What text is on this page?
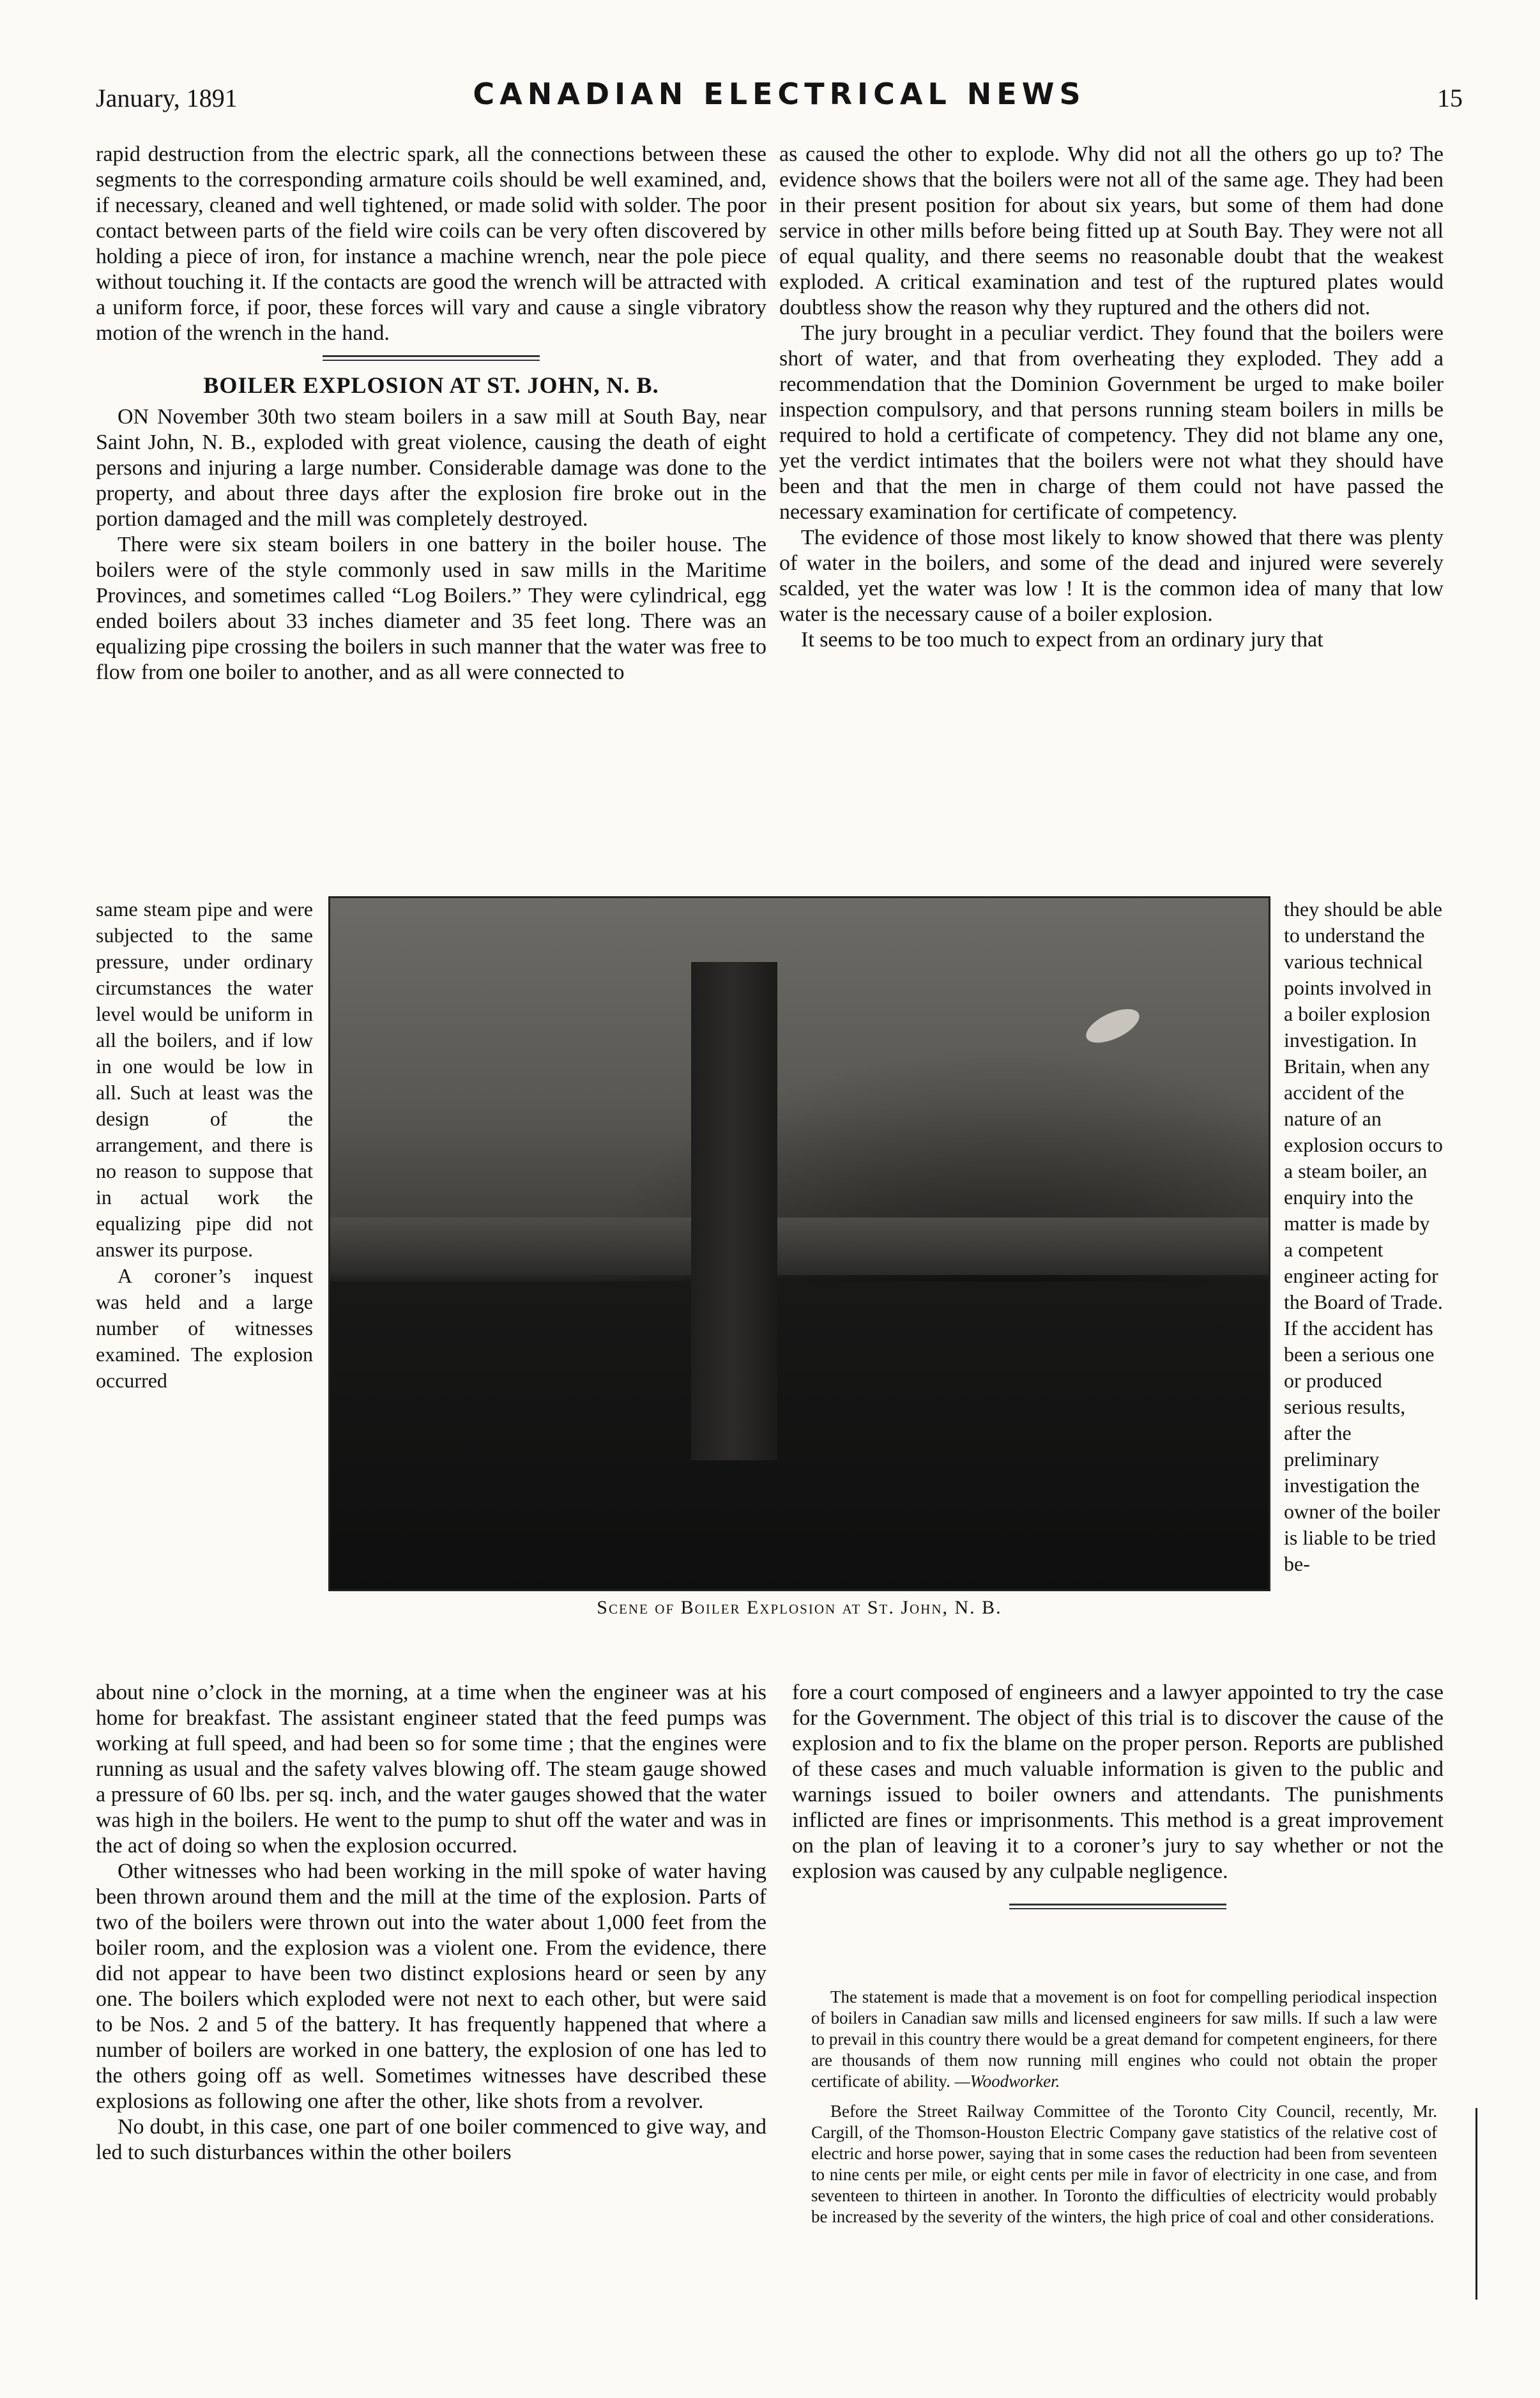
January, 1891	CANADIAN ELECTRICAL NEWS	15

rapid destruction from the electric spark, all the connections between these segments to the corresponding armature coils should be well examined, and, if necessary, cleaned and well tightened, or made solid with solder. The poor contact between parts of the field wire coils can be very often discovered by holding a piece of iron, for instance a machine wrench, near the pole piece without touching it. If the contacts are good the wrench will be attracted with a uniform force, if poor, these forces will vary and cause a single vibratory motion of the wrench in the hand.

BOILER EXPLOSION AT ST. JOHN, N. B.

ON November 30th two steam boilers in a saw mill at South Bay, near Saint John, N. B., exploded with great violence, causing the death of eight persons and injuring a large number. Considerable damage was done to the property, and about three days after the explosion fire broke out in the portion damaged and the mill was completely destroyed.

There were six steam boilers in one battery in the boiler house. The boilers were of the style commonly used in saw mills in the Maritime Provinces, and sometimes called “Log Boilers.” They were cylindrical, egg ended boilers about 33 inches diameter and 35 feet long. There was an equalizing pipe crossing the boilers in such manner that the water was free to flow from one boiler to another, and as all were connected to

same steam pipe and were subjected to the same pressure, under ordinary circumstances the water level would be uniform in all the boilers, and if low in one would be low in all. Such at least was the design of the arrangement, and there is no reason to suppose that in actual work the equalizing pipe did not answer its purpose.

A coroner’s inquest was held and a large number of witnesses examined. The explosion occurred

Scene of Boiler Explosion at St. John, N. B.

about nine o’clock in the morning, at a time when the engineer was at his home for breakfast. The assistant engineer stated that the feed pumps was working at full speed, and had been so for some time ; that the engines were running as usual and the safety valves blowing off. The steam gauge showed a pressure of 60 lbs. per sq. inch, and the water gauges showed that the water was high in the boilers. He went to the pump to shut off the water and was in the act of doing so when the explosion occurred.

Other witnesses who had been working in the mill spoke of water having been thrown around them and the mill at the time of the explosion. Parts of two of the boilers were thrown out into the water about 1,000 feet from the boiler room, and the explosion was a violent one. From the evidence, there did not appear to have been two distinct explosions heard or seen by any one. The boilers which exploded were not next to each other, but were said to be Nos. 2 and 5 of the battery. It has frequently happened that where a number of boilers are worked in one battery, the explosion of one has led to the others going off as well. Sometimes witnesses have described these explosions as following one after the other, like shots from a revolver.

No doubt, in this case, one part of one boiler commenced to give way, and led to such disturbances within the other boilers

as caused the other to explode. Why did not all the others go up to? The evidence shows that the boilers were not all of the same age. They had been in their present position for about six years, but some of them had done service in other mills before being fitted up at South Bay. They were not all of equal quality, and there seems no reasonable doubt that the weakest exploded. A critical examination and test of the ruptured plates would doubtless show the reason why they ruptured and the others did not.

The jury brought in a peculiar verdict. They found that the boilers were short of water, and that from overheating they exploded. They add a recommendation that the Dominion Government be urged to make boiler inspection compulsory, and that persons running steam boilers in mills be required to hold a certificate of competency. They did not blame any one, yet the verdict intimates that the boilers were not what they should have been and that the men in charge of them could not have passed the necessary examination for certificate of competency.

The evidence of those most likely to know showed that there was plenty of water in the boilers, and some of the dead and injured were severely scalded, yet the water was low ! It is the common idea of many that low water is the necessary cause of a boiler explosion.

It seems to be too much to expect from an ordinary jury that

they should be able to understand the various technical points involved in a boiler explosion investigation. In Britain, when any accident of the nature of an explosion occurs to a steam boiler, an enquiry into the matter is made by a competent engineer acting for the Board of Trade. If the accident has been a serious one or produced serious results, after the preliminary investigation the owner of the boiler is liable to be tried be-

fore a court composed of engineers and a lawyer appointed to try the case for the Government. The object of this trial is to discover the cause of the explosion and to fix the blame on the proper person. Reports are published of these cases and much valuable information is given to the public and warnings issued to boiler owners and attendants. The punishments inflicted are fines or imprisonments. This method is a great improvement on the plan of leaving it to a coroner’s jury to say whether or not the explosion was caused by any culpable negligence.

The statement is made that a movement is on foot for compelling periodical inspection of boilers in Canadian saw mills and licensed engineers for saw mills. If such a law were to prevail in this country there would be a great demand for competent engineers, for there are thousands of them now running mill engines who could not obtain the proper certificate of ability. —Woodworker.

Before the Street Railway Committee of the Toronto City Council, recently, Mr. Cargill, of the Thomson-Houston Electric Company gave statistics of the relative cost of electric and horse power, saying that in some cases the reduction had been from seventeen to nine cents per mile, or eight cents per mile in favor of electricity in one case, and from seventeen to thirteen in another. In Toronto the difficulties of electricity would probably be increased by the severity of the winters, the high price of coal and other considerations.
